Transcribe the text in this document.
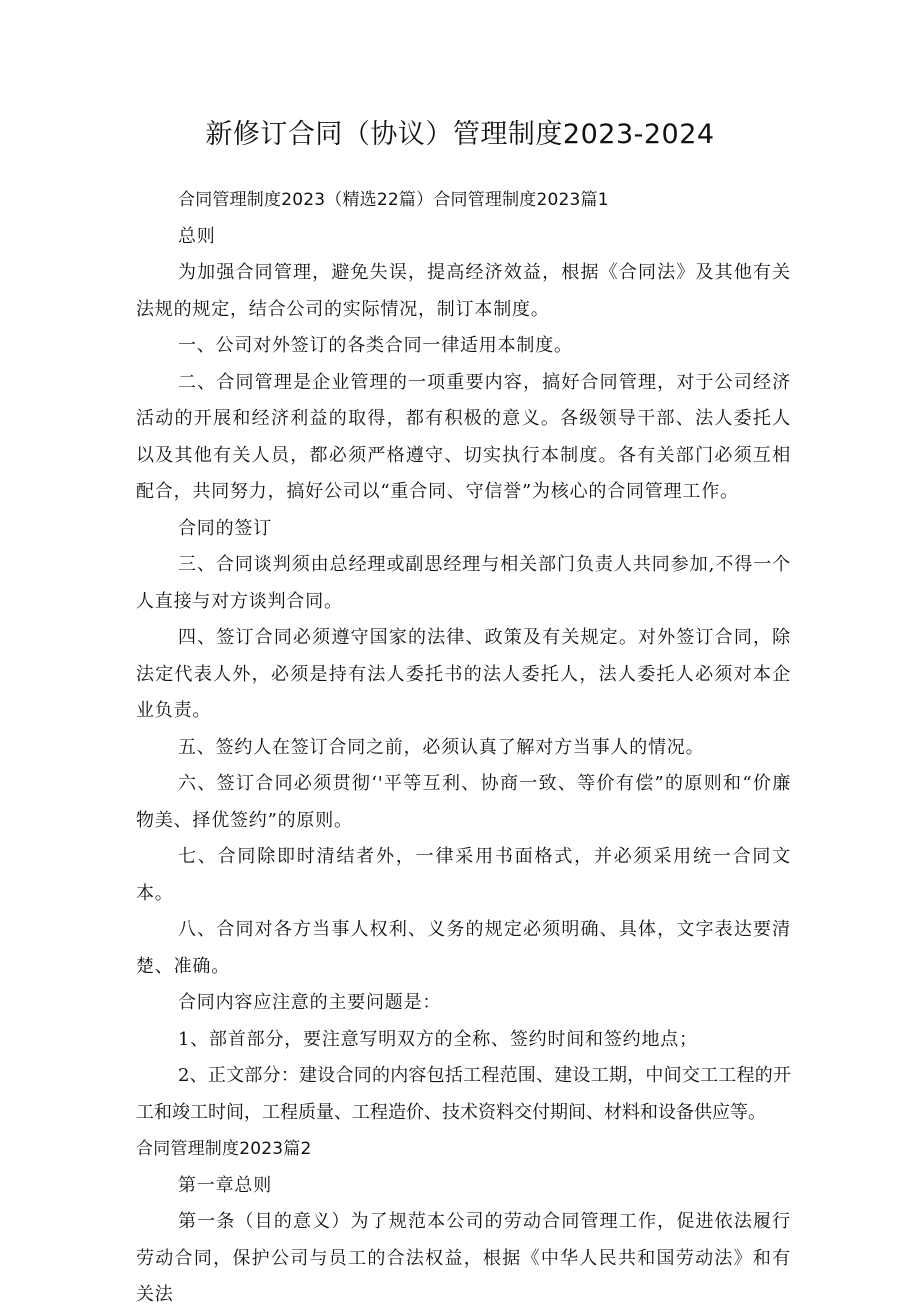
新修订合同（协议）管理制度2023-2024

合同管理制度2023（精选22篇）合同管理制度2023篇1

总则

为加强合同管理，避免失误，提高经济效益，根据《合同法》及其他有关法规的规定，结合公司的实际情况，制订本制度。

一、公司对外签订的各类合同一律适用本制度。

二、合同管理是企业管理的一项重要内容，搞好合同管理，对于公司经济活动的开展和经济利益的取得，都有积极的意义。各级领导干部、法人委托人以及其他有关人员，都必须严格遵守、切实执行本制度。各有关部门必须互相配合，共同努力，搞好公司以“重合同、守信誉”为核心的合同管理工作。

合同的签订

三、合同谈判须由总经理或副思经理与相关部门负责人共同参加,不得一个人直接与对方谈判合同。

四、签订合同必须遵守国家的法律、政策及有关规定。对外签订合同，除法定代表人外，必须是持有法人委托书的法人委托人，法人委托人必须对本企业负责。

五、签约人在签订合同之前，必须认真了解对方当事人的情况。

六、签订合同必须贯彻‘'平等互利、协商一致、等价有偿”的原则和“价廉物美、择优签约”的原则。

七、合同除即时清结者外，一律采用书面格式，并必须采用统一合同文本。

八、合同对各方当事人权利、义务的规定必须明确、具体，文字表达要清楚、准确。

合同内容应注意的主要问题是：

1、部首部分，要注意写明双方的全称、签约时间和签约地点；

2、正文部分：建设合同的内容包括工程范围、建设工期，中间交工工程的开工和竣工时间，工程质量、工程造价、技术资料交付期间、材料和设备供应等。

合同管理制度2023篇2

第一章总则

第一条（目的意义）为了规范本公司的劳动合同管理工作，促进依法履行劳动合同，保护公司与员工的合法权益，根据《中华人民共和国劳动法》和有关法
